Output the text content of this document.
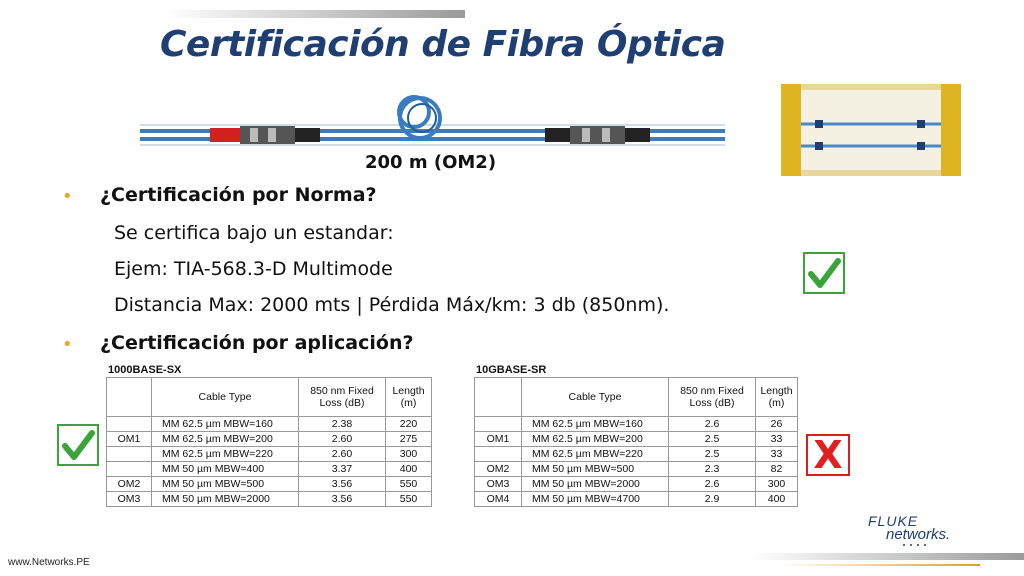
Certificación de Fibra Óptica
200 m (OM2)
• ¿Certificación por Norma?
Se certifica bajo un estandar:
Ejem: TIA-568.3-D Multimode
Distancia Max: 2000 mts | Pérdida Máx/km: 3 db (850nm).
• ¿Certificación por aplicación?
1000BASE-SX
	Cable Type	850 nm Fixed Loss (dB)	Length (m)
	MM 62.5 µm MBW=160	2.38	220
OM1	MM 62.5 µm MBW=200	2.60	275
	MM 62.5 µm MBW=220	2.60	300
	MM 50 µm MBW=400	3.37	400
OM2	MM 50 µm MBW=500	3.56	550
OM3	MM 50 µm MBW=2000	3.56	550
10GBASE-SR
	Cable Type	850 nm Fixed Loss (dB)	Length (m)
	MM 62.5 µm MBW=160	2.6	26
OM1	MM 62.5 µm MBW=200	2.5	33
	MM 62.5 µm MBW=220	2.5	33
OM2	MM 50 µm MBW=500	2.3	82
OM3	MM 50 µm MBW=2000	2.6	300
OM4	MM 50 µm MBW=4700	2.9	400
X
FLUKE
networks.
www.Networks.PE
